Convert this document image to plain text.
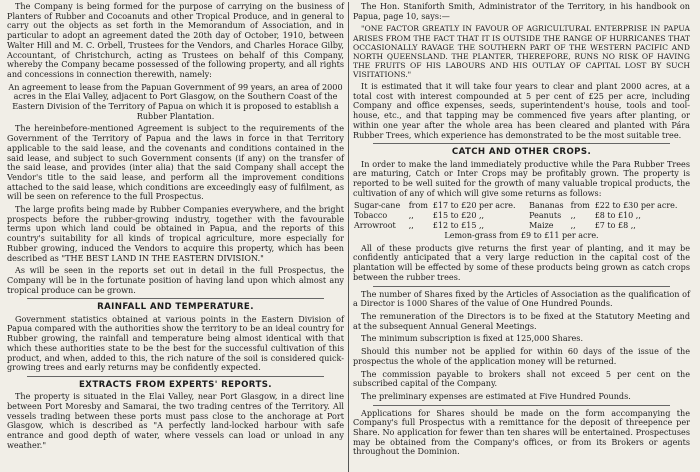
The Company is being formed for the purpose of carrying on the business of Planters of Rubber and Cocoanuts and other Tropical Produce, and in general to carry out the objects as set forth in the Memorandum of Association, and in particular to adopt an agreement dated the 20th day of October, 1910, between Walter Hill and M. C. Orbell, Trustees for the Vendors, and Charles Horace Gilby, Accountant, of Christchurch, acting as Trustees on behalf of this Company, whereby the Company became possessed of the following property, and all rights and concessions in connection therewith, namely:

An agreement to lease from the Papuan Government of 99 years, an area of 2000 acres in the Elai Valley, adjacent to Port Glasgow, on the Southern Coast of the Eastern Division of the Territory of Papua on which it is proposed to establish a Rubber Plantation.

The hereinbefore-mentioned Agreement is subject to the requirements of the Government of the Territory of Papua and the laws in force in that Territory applicable to the said lease, and the covenants and conditions contained in the said lease, and subject to such Government consents (if any) on the transfer of the said lease, and provides (inter alia) that the said Company shall accept the Vendor's title to the said lease, and perform all the improvement conditions attached to the said lease, which conditions are exceedingly easy of fulfilment, as will be seen on reference to the full Prospectus.

The large profits being made by Rubber Companies everywhere, and the bright prospects before the rubber-growing industry, together with the favourable terms upon which land could be obtained in Papua, and the reports of this country's suitability for all kinds of tropical agriculture, more especially for Rubber growing, induced the Vendors to acquire this property, which has been described as "THE BEST LAND IN THE EASTERN DIVISION."

As will be seen in the reports set out in detail in the full Prospectus, the Company will be in the fortunate position of having land upon which almost any tropical produce can be grown.

RAINFALL AND TEMPERATURE.

Government statistics obtained at various points in the Eastern Division of Papua compared with the authorities show the territory to be an ideal country for Rubber growing, the rainfall and temperature being almost identical with that which these authorities state to be the best for the successful cultivation of this product, and when, added to this, the rich nature of the soil is considered quick-growing trees and early returns may be confidently expected.

EXTRACTS FROM EXPERTS' REPORTS.

The property is situated in the Elai Valley, near Port Glasgow, in a direct line between Port Moresby and Samarai, the two trading centres of the Territory. All vessels trading between these ports must pass close to the anchorage at Port Glasgow, which is described as "A perfectly land-locked harbour with safe entrance and good depth of water, where vessels can load or unload in any weather."

The Hon. Staniforth Smith, Administrator of the Territory, in his handbook on Papua, page 10, says:—

"ONE FACTOR GREATLY IN FAVOUR OF AGRICULTURAL ENTERPRISE IN PAPUA ARISES FROM THE FACT THAT IT IS OUTSIDE THE RANGE OF HURRICANES THAT OCCASIONALLY RAVAGE THE SOUTHERN PART OF THE WESTERN PACIFIC AND NORTH QUEENSLAND. THE PLANTER, THEREFORE, RUNS NO RISK OF HAVING THE FRUITS OF HIS LABOURS AND HIS OUTLAY OF CAPITAL LOST BY SUCH VISITATIONS."

It is estimated that it will take four years to clear and plant 2000 acres, at a total cost with interest compounded at 5 per cent of £25 per acre, including Company and office expenses, seeds, superintendent's house, tools and tool-house, etc., and that tapping may be commenced five years after planting, or within one year after the whole area has been cleared and planted with Pára Rubber Trees, which experience has demonstrated to be the most suitable tree.

CATCH AND OTHER CROPS.

In order to make the land immediately productive while the Para Rubber Trees are maturing, Catch or Inter Crops may be profitably grown. The property is reported to be well suited for the growth of many valuable tropical products, the cultivation of any of which will give some returns as follows:

Sugar-cane	from	£17 to £20 per acre.	Bananas	from	£22 to £30 per acre.
Tobacco	,,	£15 to £20 ,,	Peanuts	,,	£8 to £10 ,,
Arrowroot	,,	£12 to £15 ,,	Maize	,,	£7 to £8 ,,
Lemon-grass from £9 to £11 per acre.

All of these products give returns the first year of planting, and it may be confidently anticipated that a very large reduction in the capital cost of the plantation will be effected by some of these products being grown as catch crops between the rubber trees.

The number of Shares fixed by the Articles of Association as the qualification of a Director is 1000 Shares of the value of One Hundred Pounds.

The remuneration of the Directors is to be fixed at the Statutory Meeting and at the subsequent Annual General Meetings.

The minimum subscription is fixed at 125,000 Shares.

Should this number not be applied for within 60 days of the issue of the prospectus the whole of the application money will be returned.

The commission payable to brokers shall not exceed 5 per cent on the subscribed capital of the Company.

The preliminary expenses are estimated at Five Hundred Pounds.

Applications for Shares should be made on the form accompanying the Company's full Prospectus with a remittance for the deposit of threepence per Share. No application for fewer than ten shares will be entertained. Prospectuses may be obtained from the Company's offices, or from its Brokers or agents throughout the Dominion.
